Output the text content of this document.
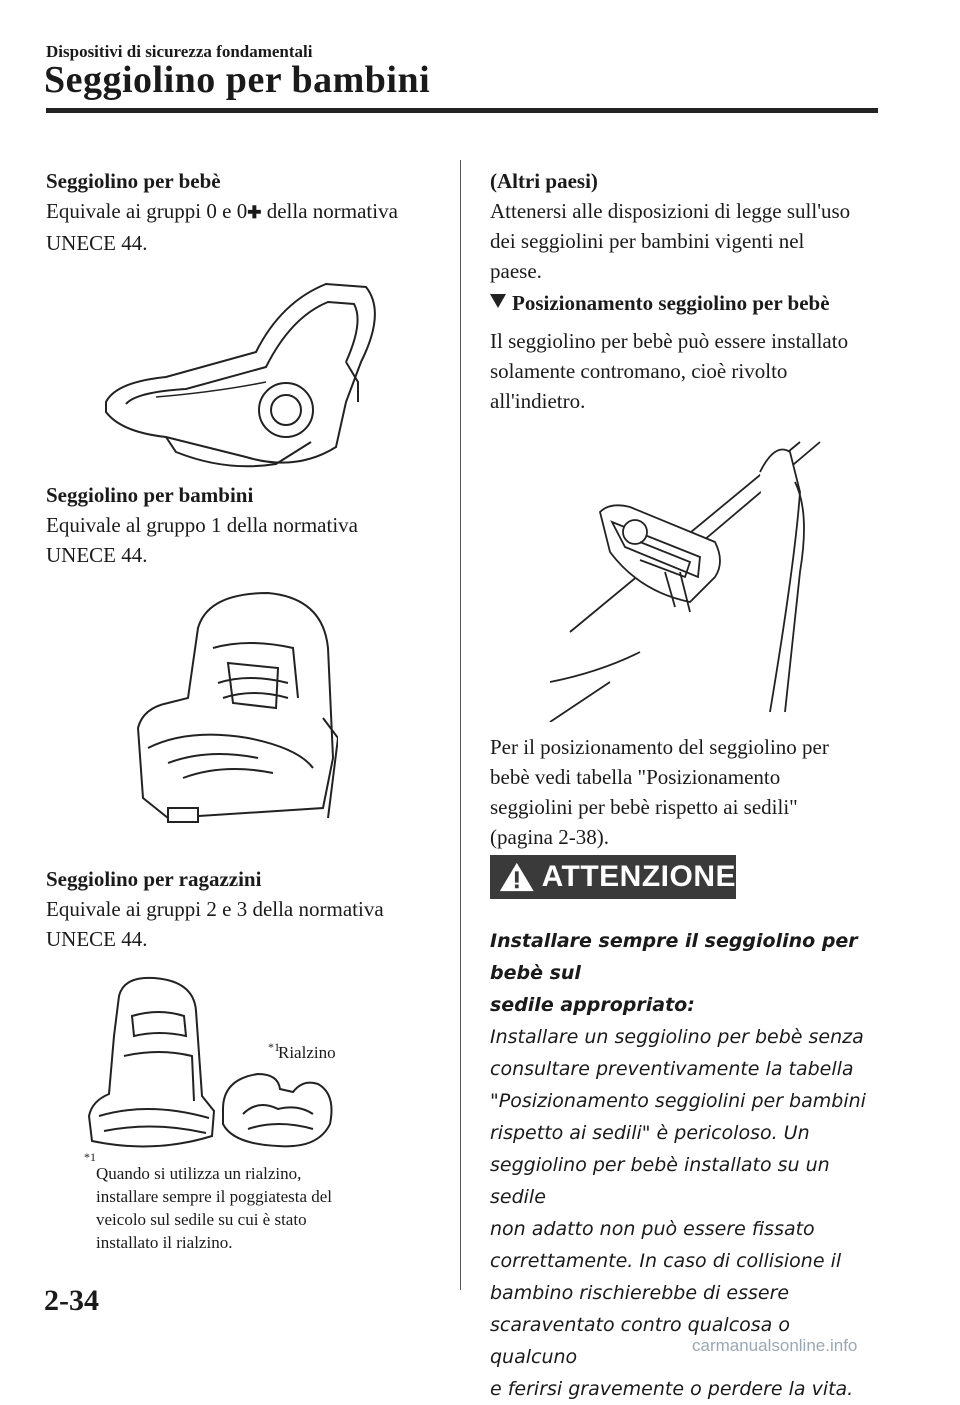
Dispositivi di sicurezza fondamentali
Seggiolino per bambini
Seggiolino per bebè
Equivale ai gruppi 0 e 0✚ della normativa
UNECE 44.
Seggiolino per bambini
Equivale al gruppo 1 della normativa
UNECE 44.
Seggiolino per ragazzini
Equivale ai gruppi 2 e 3 della normativa
UNECE 44.
$^{*1}$
Rialzino
$^{*1}$
Quando si utilizza un rialzino,
installare sempre il poggiatesta del
veicolo sul sedile su cui è stato
installato il rialzino.
(Altri paesi)
Attenersi alle disposizioni di legge sull'uso
dei seggiolini per bambini vigenti nel
paese.
Posizionamento seggiolino per bebè
Il seggiolino per bebè può essere installato
solamente contromano, cioè rivolto
all'indietro.
Per il posizionamento del seggiolino per
bebè vedi tabella "Posizionamento
seggiolini per bebè rispetto ai sedili"
(pagina 2-38).
ATTENZIONE
Installare sempre il seggiolino per bebè sul
sedile appropriato:
Installare un seggiolino per bebè senza
consultare preventivamente la tabella
"Posizionamento seggiolini per bambini
rispetto ai sedili" è pericoloso. Un
seggiolino per bebè installato su un sedile
non adatto non può essere fissato
correttamente. In caso di collisione il
bambino rischierebbe di essere
scaraventato contro qualcosa o qualcuno
e ferirsi gravemente o perdere la vita.
2-34
carmanualsonline.info
